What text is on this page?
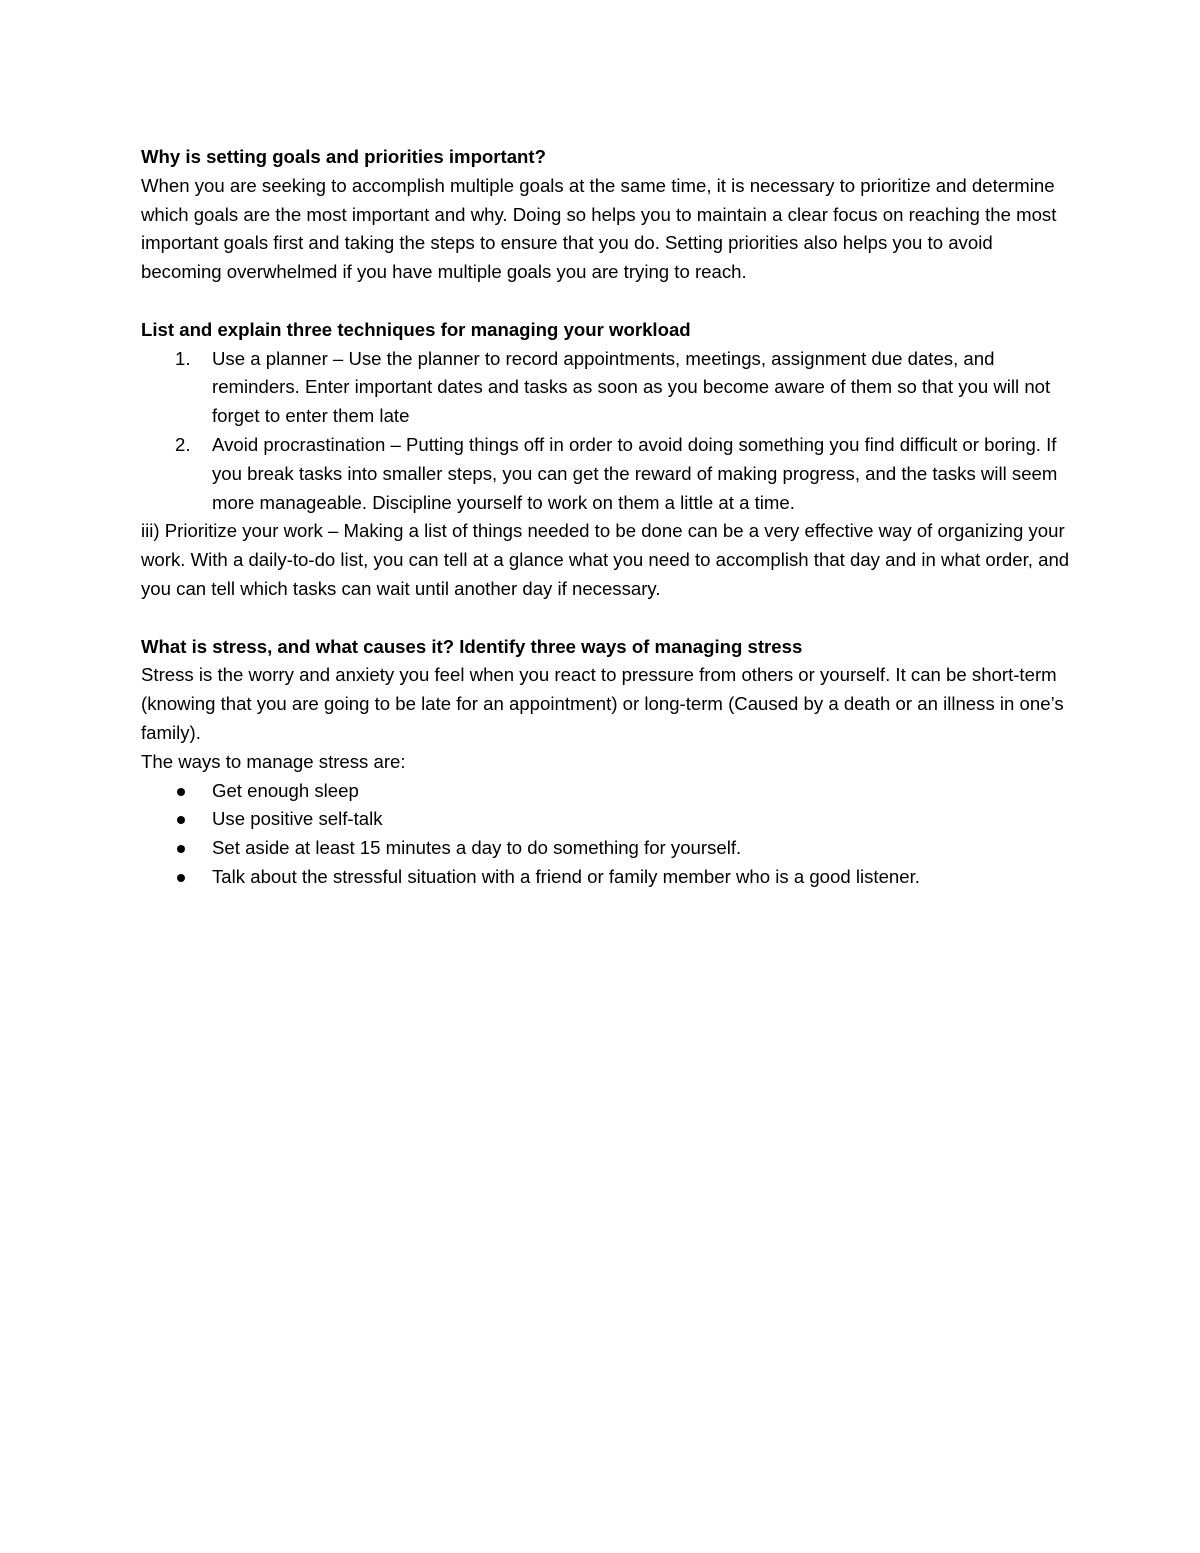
Why is setting goals and priorities important?

When you are seeking to accomplish multiple goals at the same time, it is necessary to prioritize and determine which goals are the most important and why. Doing so helps you to maintain a clear focus on reaching the most important goals first and taking the steps to ensure that you do. Setting priorities also helps you to avoid becoming overwhelmed if you have multiple goals you are trying to reach.

List and explain three techniques for managing your workload

1. Use a planner – Use the planner to record appointments, meetings, assignment due dates, and reminders. Enter important dates and tasks as soon as you become aware of them so that you will not forget to enter them late
2. Avoid procrastination – Putting things off in order to avoid doing something you find difficult or boring. If you break tasks into smaller steps, you can get the reward of making progress, and the tasks will seem more manageable. Discipline yourself to work on them a little at a time.

iii) Prioritize your work – Making a list of things needed to be done can be a very effective way of organizing your work. With a daily-to-do list, you can tell at a glance what you need to accomplish that day and in what order, and you can tell which tasks can wait until another day if necessary.

What is stress, and what causes it? Identify three ways of managing stress

Stress is the worry and anxiety you feel when you react to pressure from others or yourself. It can be short-term (knowing that you are going to be late for an appointment) or long-term (Caused by a death or an illness in one’s family).

The ways to manage stress are:

Get enough sleep
Use positive self-talk
Set aside at least 15 minutes a day to do something for yourself.
Talk about the stressful situation with a friend or family member who is a good listener.
